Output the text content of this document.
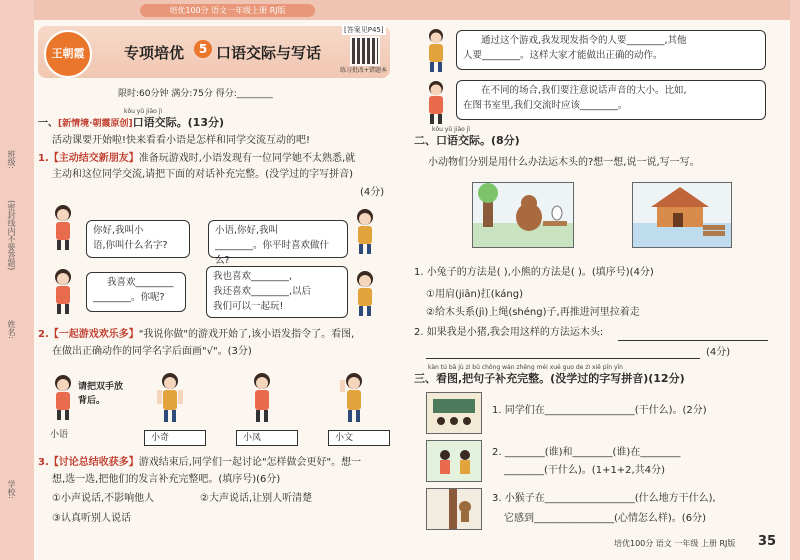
培优100分 语文一年级上册 RJ版
班级:
(密封线内不要答题)
姓名:
学校:
王朝霞	专项培优	5 口语交际与写话
[答案见P45]
练习批改+错题本
限时:60分钟 满分:75分 得分:________
kǒu yǔ jiāo jì
一、[新情境·朝霞原创]口语交际。(13分)
活动课要开始啦!快来看看小语是怎样和同学交流互动的吧!
1.【主动结交新朋友】准备玩游戏时,小语发现有一位同学她不太熟悉,就
主动和这位同学交流,请把下面的对话补充完整。(没学过的字写拼音)
(4分)
你好,我叫小
语,你叫什么名字?
小语,你好,我叫
________。你平时喜欢做什么?
我喜欢________
________。你呢?
我也喜欢________,
我还喜欢________,以后
我们可以一起玩!
2.【一起游戏欢乐多】"我说你做"的游戏开始了,该小语发指令了。看图,
在做出正确动作的同学名字后面画"√"。(3分)
请把双手放背后。
小语	小奇	小凤	小文
3.【讨论总结收获多】游戏结束后,同学们一起讨论"怎样做会更好"。想一
想,选一选,把他们的发言补充完整吧。(填序号)(6分)
①小声说话,不影响他人	②大声说话,让别人听清楚
③认真听别人说话
通过这个游戏,我发现发指令的人要________,其他
人要________。这样大家才能做出正确的动作。
在不同的场合,我们要注意说话声音的大小。比如,
在图书室里,我们交流时应该________。
kǒu yǔ jiāo jì
二、口语交际。(8分)
小动物们分别是用什么办法运木头的?想一想,说一说,写一写。
1. 小兔子的方法是( ),小熊的方法是( )。(填序号)(4分)
①用肩(jiān)扛(káng)
②给木头系(jì)上绳(shéng)子,再推进河里拉着走
2. 如果我是小猪,我会用这样的方法运木头:
(4分)
kàn tú bǎ jù zi bǔ chōng wán zhěng méi xué guo de zì xiě pīn yīn
三、看图,把句子补充完整。(没学过的字写拼音)(12分)
1. 同学们在__________________(干什么)。(2分)
2. ________(谁)和________(谁)在________
________(干什么)。(1+1+2,共4分)
3. 小猴子在__________________(什么地方干什么),
它感到________________(心情怎么样)。(6分)
培优100分 语文 一年级 上册 RJ版 35
